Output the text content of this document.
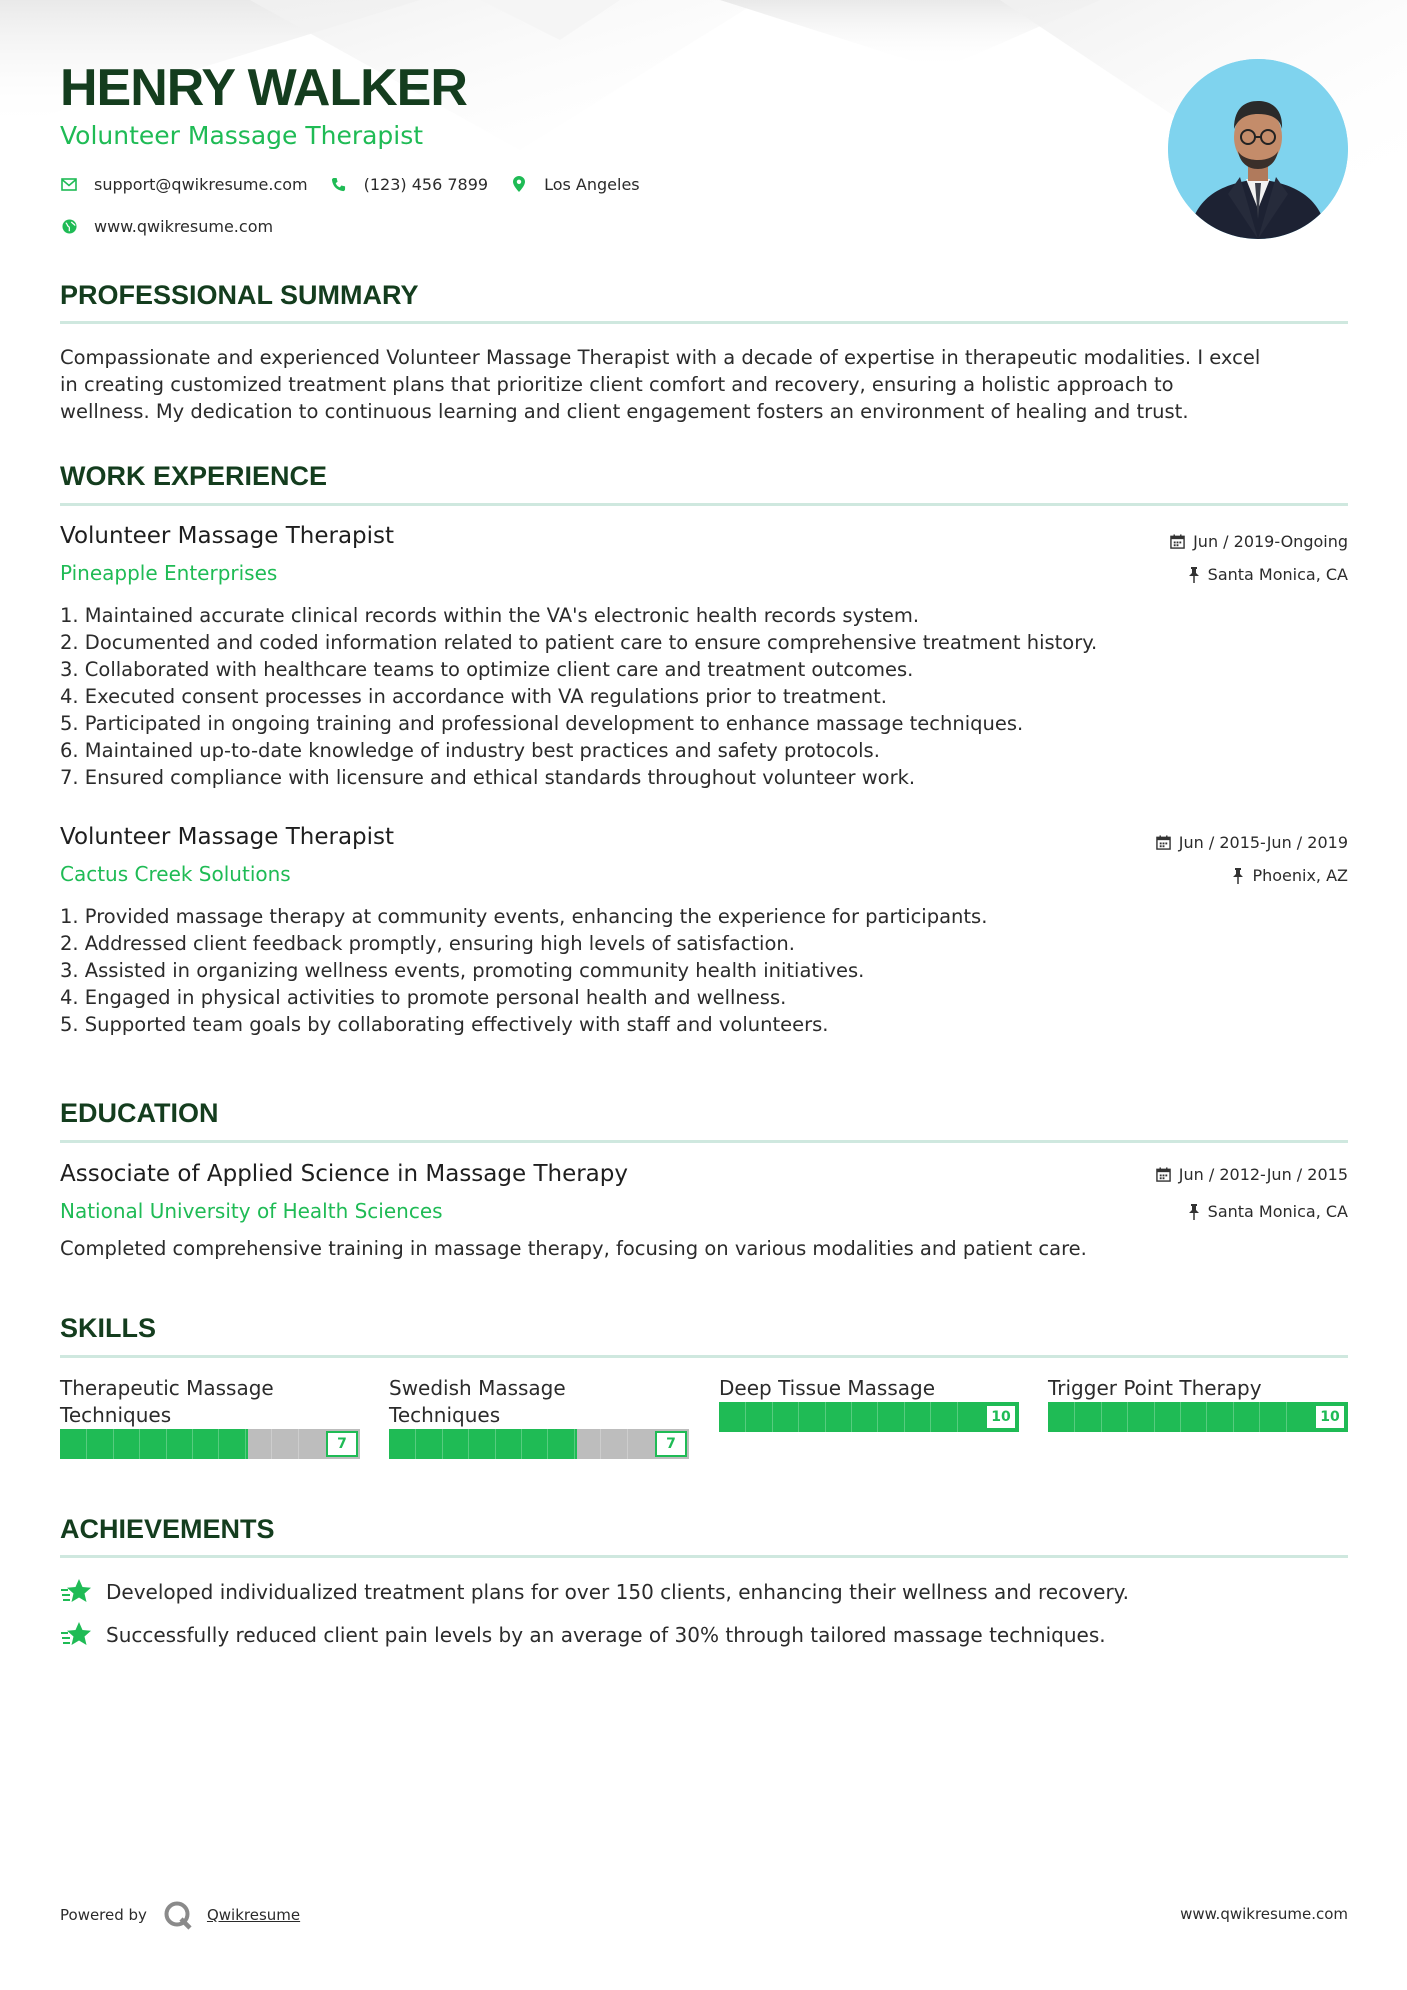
HENRY WALKER
Volunteer Massage Therapist
support@qwikresume.com	(123) 456 7899	Los Angeles
www.qwikresume.com
PROFESSIONAL SUMMARY
Compassionate and experienced Volunteer Massage Therapist with a decade of expertise in therapeutic modalities. I excel
in creating customized treatment plans that prioritize client comfort and recovery, ensuring a holistic approach to
wellness. My dedication to continuous learning and client engagement fosters an environment of healing and trust.
WORK EXPERIENCE
Volunteer Massage Therapist
Pineapple Enterprises
Jun / 2019-Ongoing
Santa Monica, CA
1. Maintained accurate clinical records within the VA's electronic health records system.
2. Documented and coded information related to patient care to ensure comprehensive treatment history.
3. Collaborated with healthcare teams to optimize client care and treatment outcomes.
4. Executed consent processes in accordance with VA regulations prior to treatment.
5. Participated in ongoing training and professional development to enhance massage techniques.
6. Maintained up-to-date knowledge of industry best practices and safety protocols.
7. Ensured compliance with licensure and ethical standards throughout volunteer work.
Volunteer Massage Therapist
Cactus Creek Solutions
Jun / 2015-Jun / 2019
Phoenix, AZ
1. Provided massage therapy at community events, enhancing the experience for participants.
2. Addressed client feedback promptly, ensuring high levels of satisfaction.
3. Assisted in organizing wellness events, promoting community health initiatives.
4. Engaged in physical activities to promote personal health and wellness.
5. Supported team goals by collaborating effectively with staff and volunteers.
EDUCATION
Associate of Applied Science in Massage Therapy
National University of Health Sciences
Jun / 2012-Jun / 2015
Santa Monica, CA
Completed comprehensive training in massage therapy, focusing on various modalities and patient care.
SKILLS
Therapeutic Massage
Techniques
7
Swedish Massage
Techniques
7
Deep Tissue Massage
10
Trigger Point Therapy
10
ACHIEVEMENTS
Developed individualized treatment plans for over 150 clients, enhancing their wellness and recovery.
Successfully reduced client pain levels by an average of 30% through tailored massage techniques.
Powered by	Qwikresume	www.qwikresume.com
